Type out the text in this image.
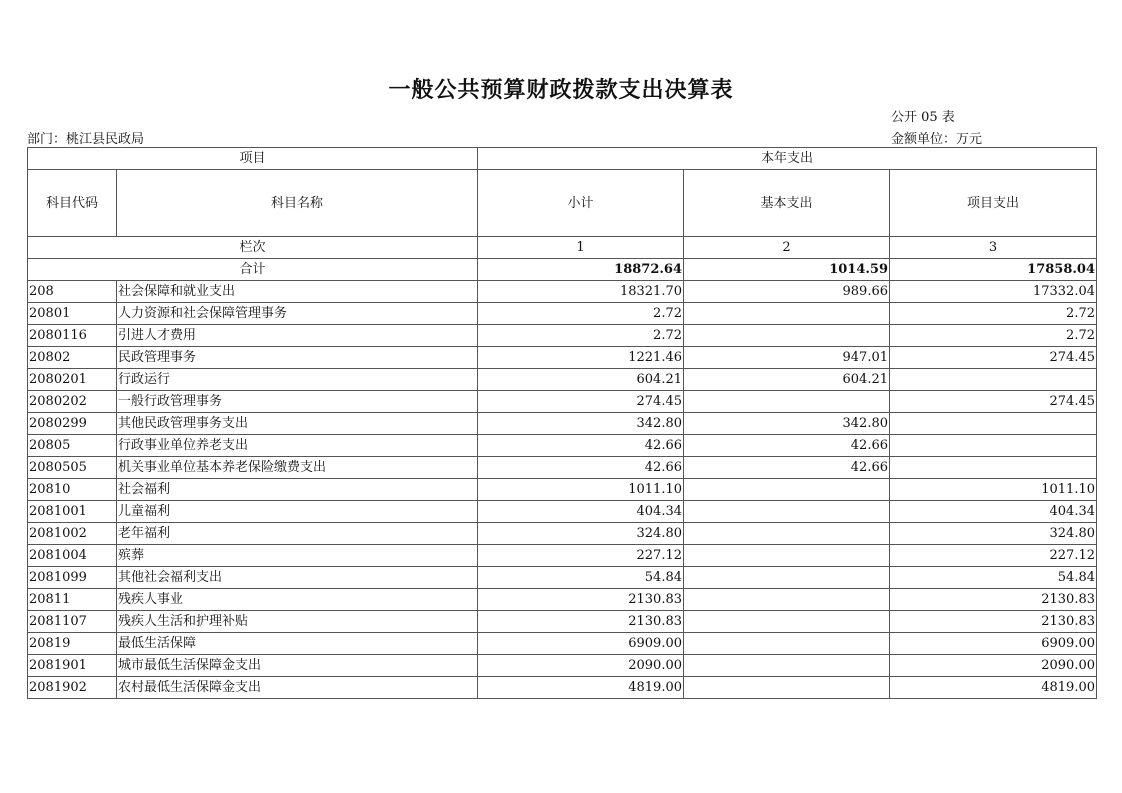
一般公共预算财政拨款支出决算表
公开 05 表
部门：桃江县民政局	金额单位：万元
项目		本年支出		
科目代码	科目名称	小计	基本支出	项目支出
栏次		1	2	3
合计		18872.64	1014.59	17858.04
208	社会保障和就业支出	18321.70	989.66	17332.04
20801	人力资源和社会保障管理事务	2.72		2.72
2080116	引进人才费用	2.72		2.72
20802	民政管理事务	1221.46	947.01	274.45
2080201	行政运行	604.21	604.21	
2080202	一般行政管理事务	274.45		274.45
2080299	其他民政管理事务支出	342.80	342.80	
20805	行政事业单位养老支出	42.66	42.66	
2080505	机关事业单位基本养老保险缴费支出	42.66	42.66	
20810	社会福利	1011.10		1011.10
2081001	儿童福利	404.34		404.34
2081002	老年福利	324.80		324.80
2081004	殡葬	227.12		227.12
2081099	其他社会福利支出	54.84		54.84
20811	残疾人事业	2130.83		2130.83
2081107	残疾人生活和护理补贴	2130.83		2130.83
20819	最低生活保障	6909.00		6909.00
2081901	城市最低生活保障金支出	2090.00		2090.00
2081902	农村最低生活保障金支出	4819.00		4819.00
